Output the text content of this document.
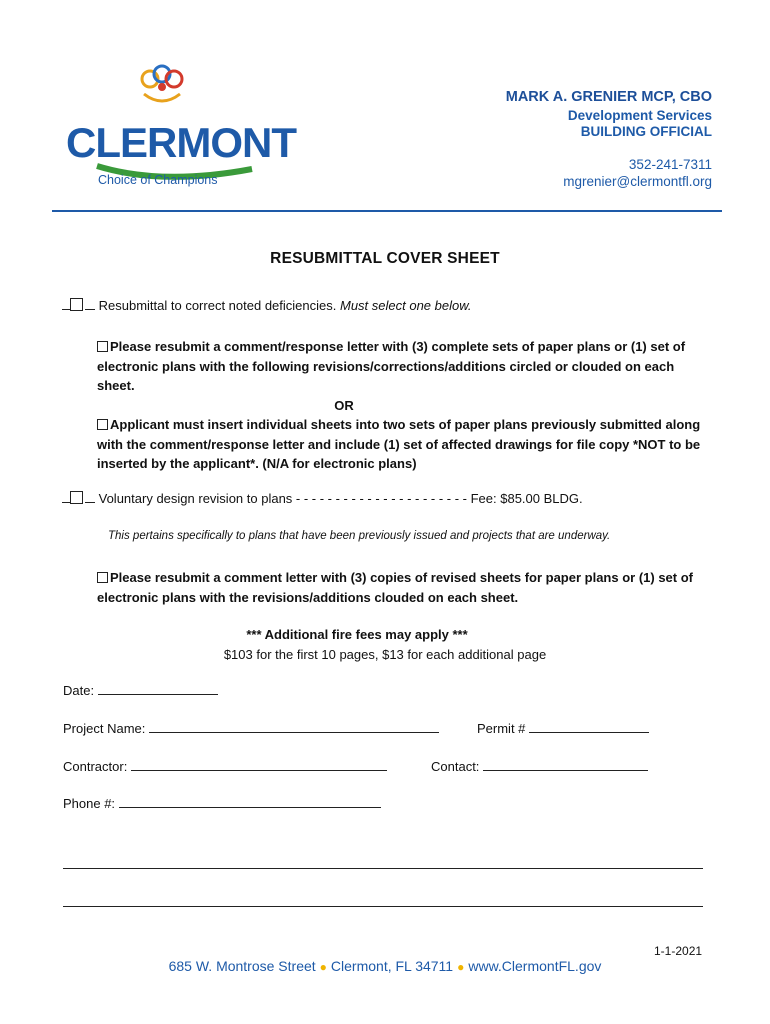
CLERMONT
Choice of Champions
MARK A. GRENIER MCP, CBO
Development Services
BUILDING OFFICIAL
352-241-7311
mgrenier@clermontfl.org
RESUBMITTAL COVER SHEET
Resubmittal to correct noted deficiencies. Must select one below.
Please resubmit a comment/response letter with (3) complete sets of paper plans or (1) set of electronic plans with the following revisions/corrections/additions circled or clouded on each sheet.
OR
Applicant must insert individual sheets into two sets of paper plans previously submitted along with the comment/response letter and include (1) set of affected drawings for file copy *NOT to be inserted by the applicant*. (N/A for electronic plans)
Voluntary design revision to plans - - - - - - - - - - - - - - - - - - - - - - Fee: $85.00 BLDG.
This pertains specifically to plans that have been previously issued and projects that are underway.
Please resubmit a comment letter with (3) copies of revised sheets for paper plans or (1) set of electronic plans with the revisions/additions clouded on each sheet.
*** Additional fire fees may apply ***
$103 for the first 10 pages, $13 for each additional page
Date:
Project Name:	Permit #
Contractor:	Contact:
Phone #:
1-1-2021
685 W. Montrose Street ● Clermont, FL 34711 ● www.ClermontFL.gov
